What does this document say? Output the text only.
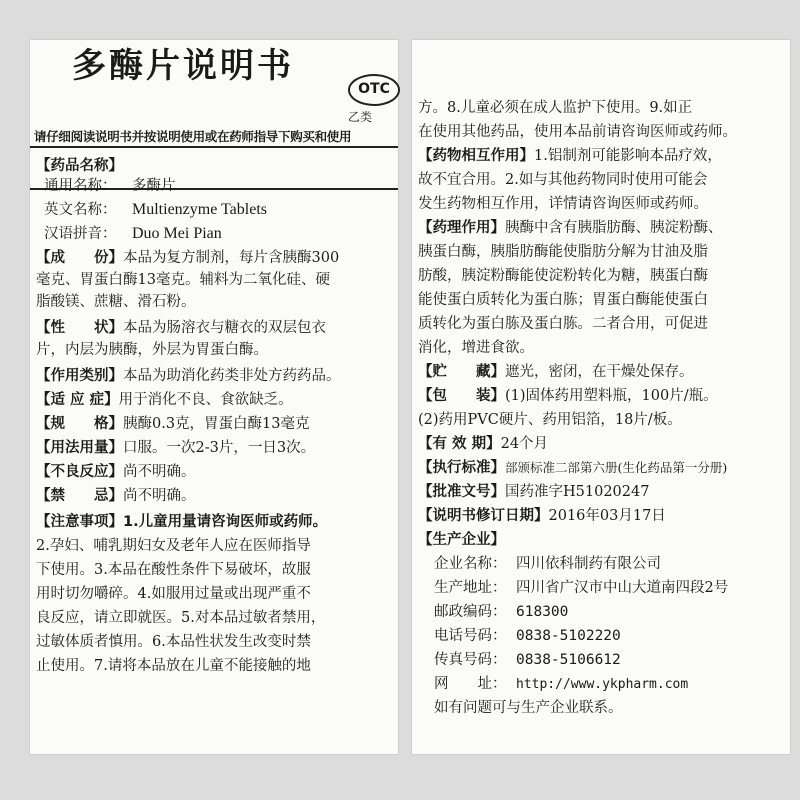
【药品名称】
通用名称： 多酶片
英文名称： Multienzyme Tablets
汉语拼音： Duo Mei Pian
【成　　份】本品为复方制剂，每片含胰酶300
毫克、胃蛋白酶13毫克。辅料为二氧化硅、硬
脂酸镁、蔗糖、滑石粉。
【性　　状】本品为肠溶衣与糖衣的双层包衣
片，内层为胰酶，外层为胃蛋白酶。
【作用类别】本品为助消化药类非处方药药品。
【适 应 症】用于消化不良、食欲缺乏。
【规　　格】胰酶0.3克，胃蛋白酶13毫克
【用法用量】口服。一次2-3片，一日3次。
【不良反应】尚不明确。
【禁　　忌】尚不明确。
【注意事项】1.儿童用量请咨询医师或药师。
2.孕妇、哺乳期妇女及老年人应在医师指导
下使用。3.本品在酸性条件下易破坏，故服
用时切勿嚼碎。4.如服用过量或出现严重不
良反应，请立即就医。5.对本品过敏者禁用，
过敏体质者慎用。6.本品性状发生改变时禁
止使用。7.请将本品放在儿童不能接触的地
多酶片说明书
OTC
乙类
请仔细阅读说明书并按说明使用或在药师指导下购买和使用
方。8.儿童必须在成人监护下使用。9.如正
在使用其他药品，使用本品前请咨询医师或药师。
【药物相互作用】1.铝制剂可能影响本品疗效，
故不宜合用。2.如与其他药物同时使用可能会
发生药物相互作用，详情请咨询医师或药师。
【药理作用】胰酶中含有胰脂肪酶、胰淀粉酶、
胰蛋白酶，胰脂肪酶能使脂肪分解为甘油及脂
肪酸，胰淀粉酶能使淀粉转化为糖，胰蛋白酶
能使蛋白质转化为蛋白胨；胃蛋白酶能使蛋白
质转化为蛋白胨及蛋白胨。二者合用，可促进
消化，增进食欲。
【贮　　藏】遮光，密闭，在干燥处保存。
【包　　装】(1)固体药用塑料瓶，100片/瓶。
(2)药用PVC硬片、药用铝箔，18片/板。
【有 效 期】24个月
【执行标准】部颁标准二部第六册(生化药品第一分册)
【批准文号】国药准字H51020247
【说明书修订日期】2016年03月17日
【生产企业】
企业名称： 四川依科制药有限公司
生产地址： 四川省广汉市中山大道南四段2号
邮政编码： 618300
电话号码： 0838-5102220
传真号码： 0838-5106612
网　　址： http://www.ykpharm.com
如有问题可与生产企业联系。
